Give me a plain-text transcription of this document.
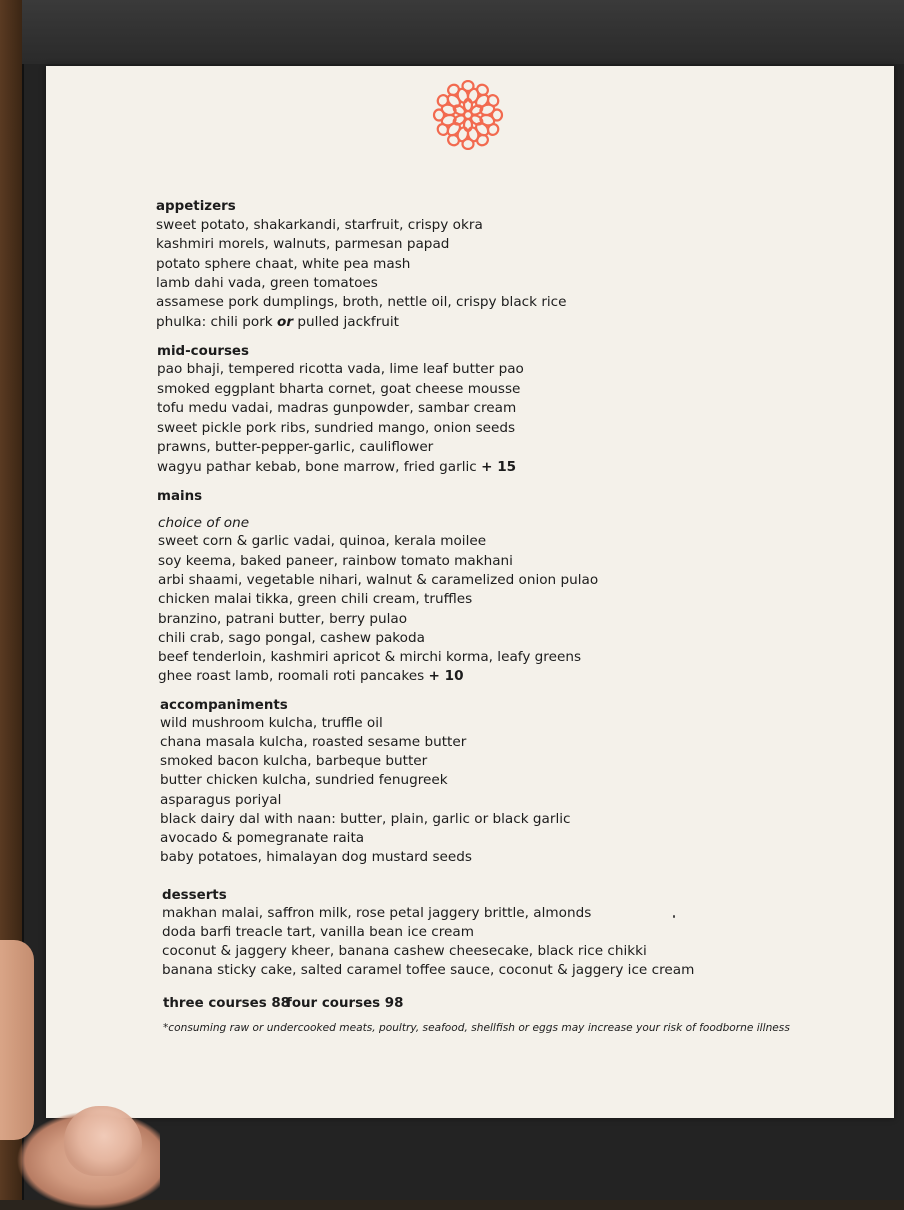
appetizers
sweet potato, shakarkandi, starfruit, crispy okra
kashmiri morels, walnuts, parmesan papad
potato sphere chaat, white pea mash
lamb dahi vada, green tomatoes
assamese pork dumplings, broth, nettle oil, crispy black rice
phulka: chili pork or pulled jackfruit
mid-courses
pao bhaji, tempered ricotta vada, lime leaf butter pao
smoked eggplant bharta cornet, goat cheese mousse
tofu medu vadai, madras gunpowder, sambar cream
sweet pickle pork ribs, sundried mango, onion seeds
prawns, butter-pepper-garlic, cauliflower
wagyu pathar kebab, bone marrow, fried garlic + 15
mains
choice of one
sweet corn & garlic vadai, quinoa, kerala moilee
soy keema, baked paneer, rainbow tomato makhani
arbi shaami, vegetable nihari, walnut & caramelized onion pulao
chicken malai tikka, green chili cream, truffles
branzino, patrani butter, berry pulao
chili crab, sago pongal, cashew pakoda
beef tenderloin, kashmiri apricot & mirchi korma, leafy greens
ghee roast lamb, roomali roti pancakes + 10
accompaniments
wild mushroom kulcha, truffle oil
chana masala kulcha, roasted sesame butter
smoked bacon kulcha, barbeque butter
butter chicken kulcha, sundried fenugreek
asparagus poriyal
black dairy dal with naan: butter, plain, garlic or black garlic
avocado & pomegranate raita
baby potatoes, himalayan dog mustard seeds
desserts
makhan malai, saffron milk, rose petal jaggery brittle, almonds
doda barfi treacle tart, vanilla bean ice cream
coconut & jaggery kheer, banana cashew cheesecake, black rice chikki
banana sticky cake, salted caramel toffee sauce, coconut & jaggery ice cream
three courses 88
four courses 98
*consuming raw or undercooked meats, poultry, seafood, shellfish or eggs may increase your risk of foodborne illness
